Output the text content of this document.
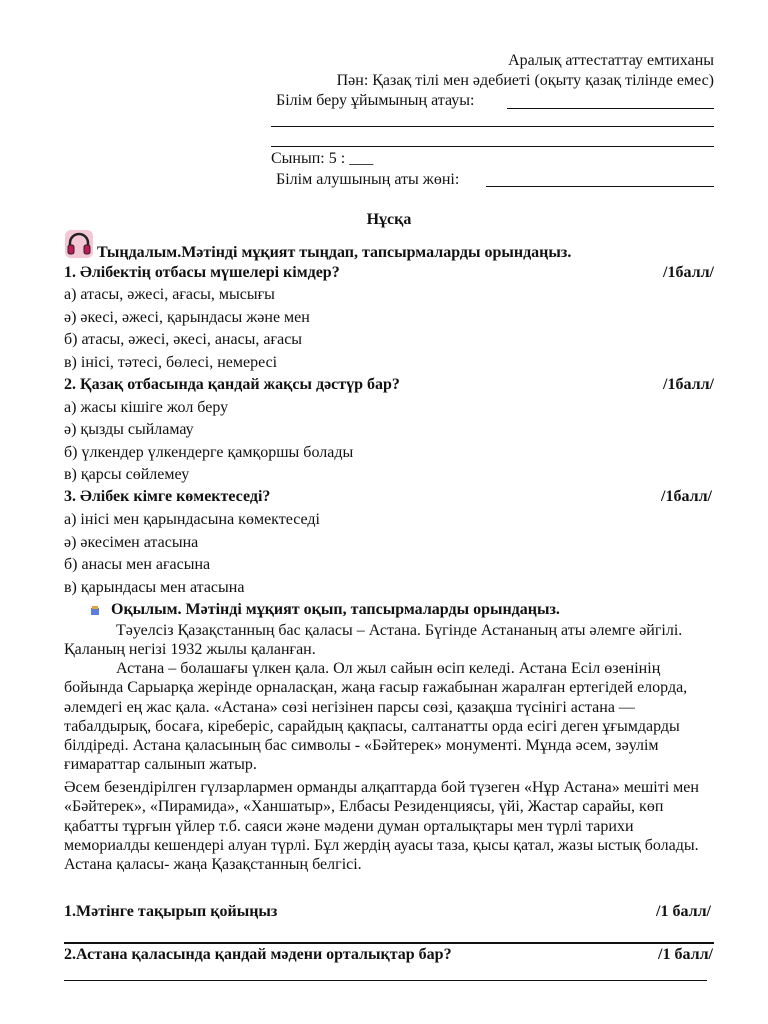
Аралық аттестаттау емтиханы
Пән: Қазақ тілі мен әдебиеті (оқыту қазақ тілінде емес)
Білім беру ұйымының атауы:
Сынып: 5 : ___
Білім алушының аты жөні:
Нұсқа
Тыңдалым.Мәтінді мұқият тыңдап, тапсырмаларды орындаңыз.
1. Әлібектің отбасы мүшелері кімдер?	/1балл/
а) атасы, әжесі, ағасы, мысығы
ә) әкесі, әжесі, қарындасы және мен
б) атасы, әжесі, әкесі, анасы, ағасы
в) інісі, тәтесі, бөлесі, немересі
2. Қазақ отбасында қандай жақсы дәстүр бар?	/1балл/
а) жасы кішіге жол беру
ә) қызды сыйламау
б) үлкендер үлкендерге қамқоршы болады
в) қарсы сөйлемеу
3. Әлібек кімге көмектеседі?	/1балл/
а) інісі мен қарындасына көмектеседі
ә) әкесімен атасына
б) анасы мен ағасына
в) қарындасы мен атасына
Оқылым. Мәтінді мұқият оқып, тапсырмаларды орындаңыз.
Тәуелсіз Қазақстанның бас қаласы – Астана. Бүгінде Астананың аты әлемге әйгілі. Қаланың негізі 1932 жылы қаланған.
Астана – болашағы үлкен қала. Ол жыл сайын өсіп келеді. Астана Есіл өзенінің бойында Сарыарқа жерінде орналасқан, жаңа ғасыр ғажабынан жаралған ертегідей елорда, әлемдегі ең жас қала. «Астана» сөзі негізінен парсы сөзі, қазақша түсінігі астана — табалдырық, босаға, кіреберіс, сарайдың қақпасы, салтанатты орда есігі деген ұғымдарды білдіреді. Астана қаласының бас символы - «Бәйтерек» монументі. Мұнда әсем, зәулім ғимараттар салынып жатыр.
Әсем безендірілген гүлзарлармен орманды алқаптарда бой түзеген «Нұр Астана» мешіті мен «Бәйтерек», «Пирамида», «Ханшатыр», Елбасы Резиденциясы, үйі, Жастар сарайы, көп қабатты тұрғын үйлер т.б. саяси және мәдени думан орталықтары мен түрлі тарихи мемориалды кешендері алуан түрлі. Бұл жердің ауасы таза, қысы қатал, жазы ыстық болады. Астана қаласы- жаңа Қазақстанның белгісі.
1.Мәтінге тақырып қойыңыз	/1 балл/
2.Астана қаласында қандай мәдени орталықтар бар?	/1 балл/
